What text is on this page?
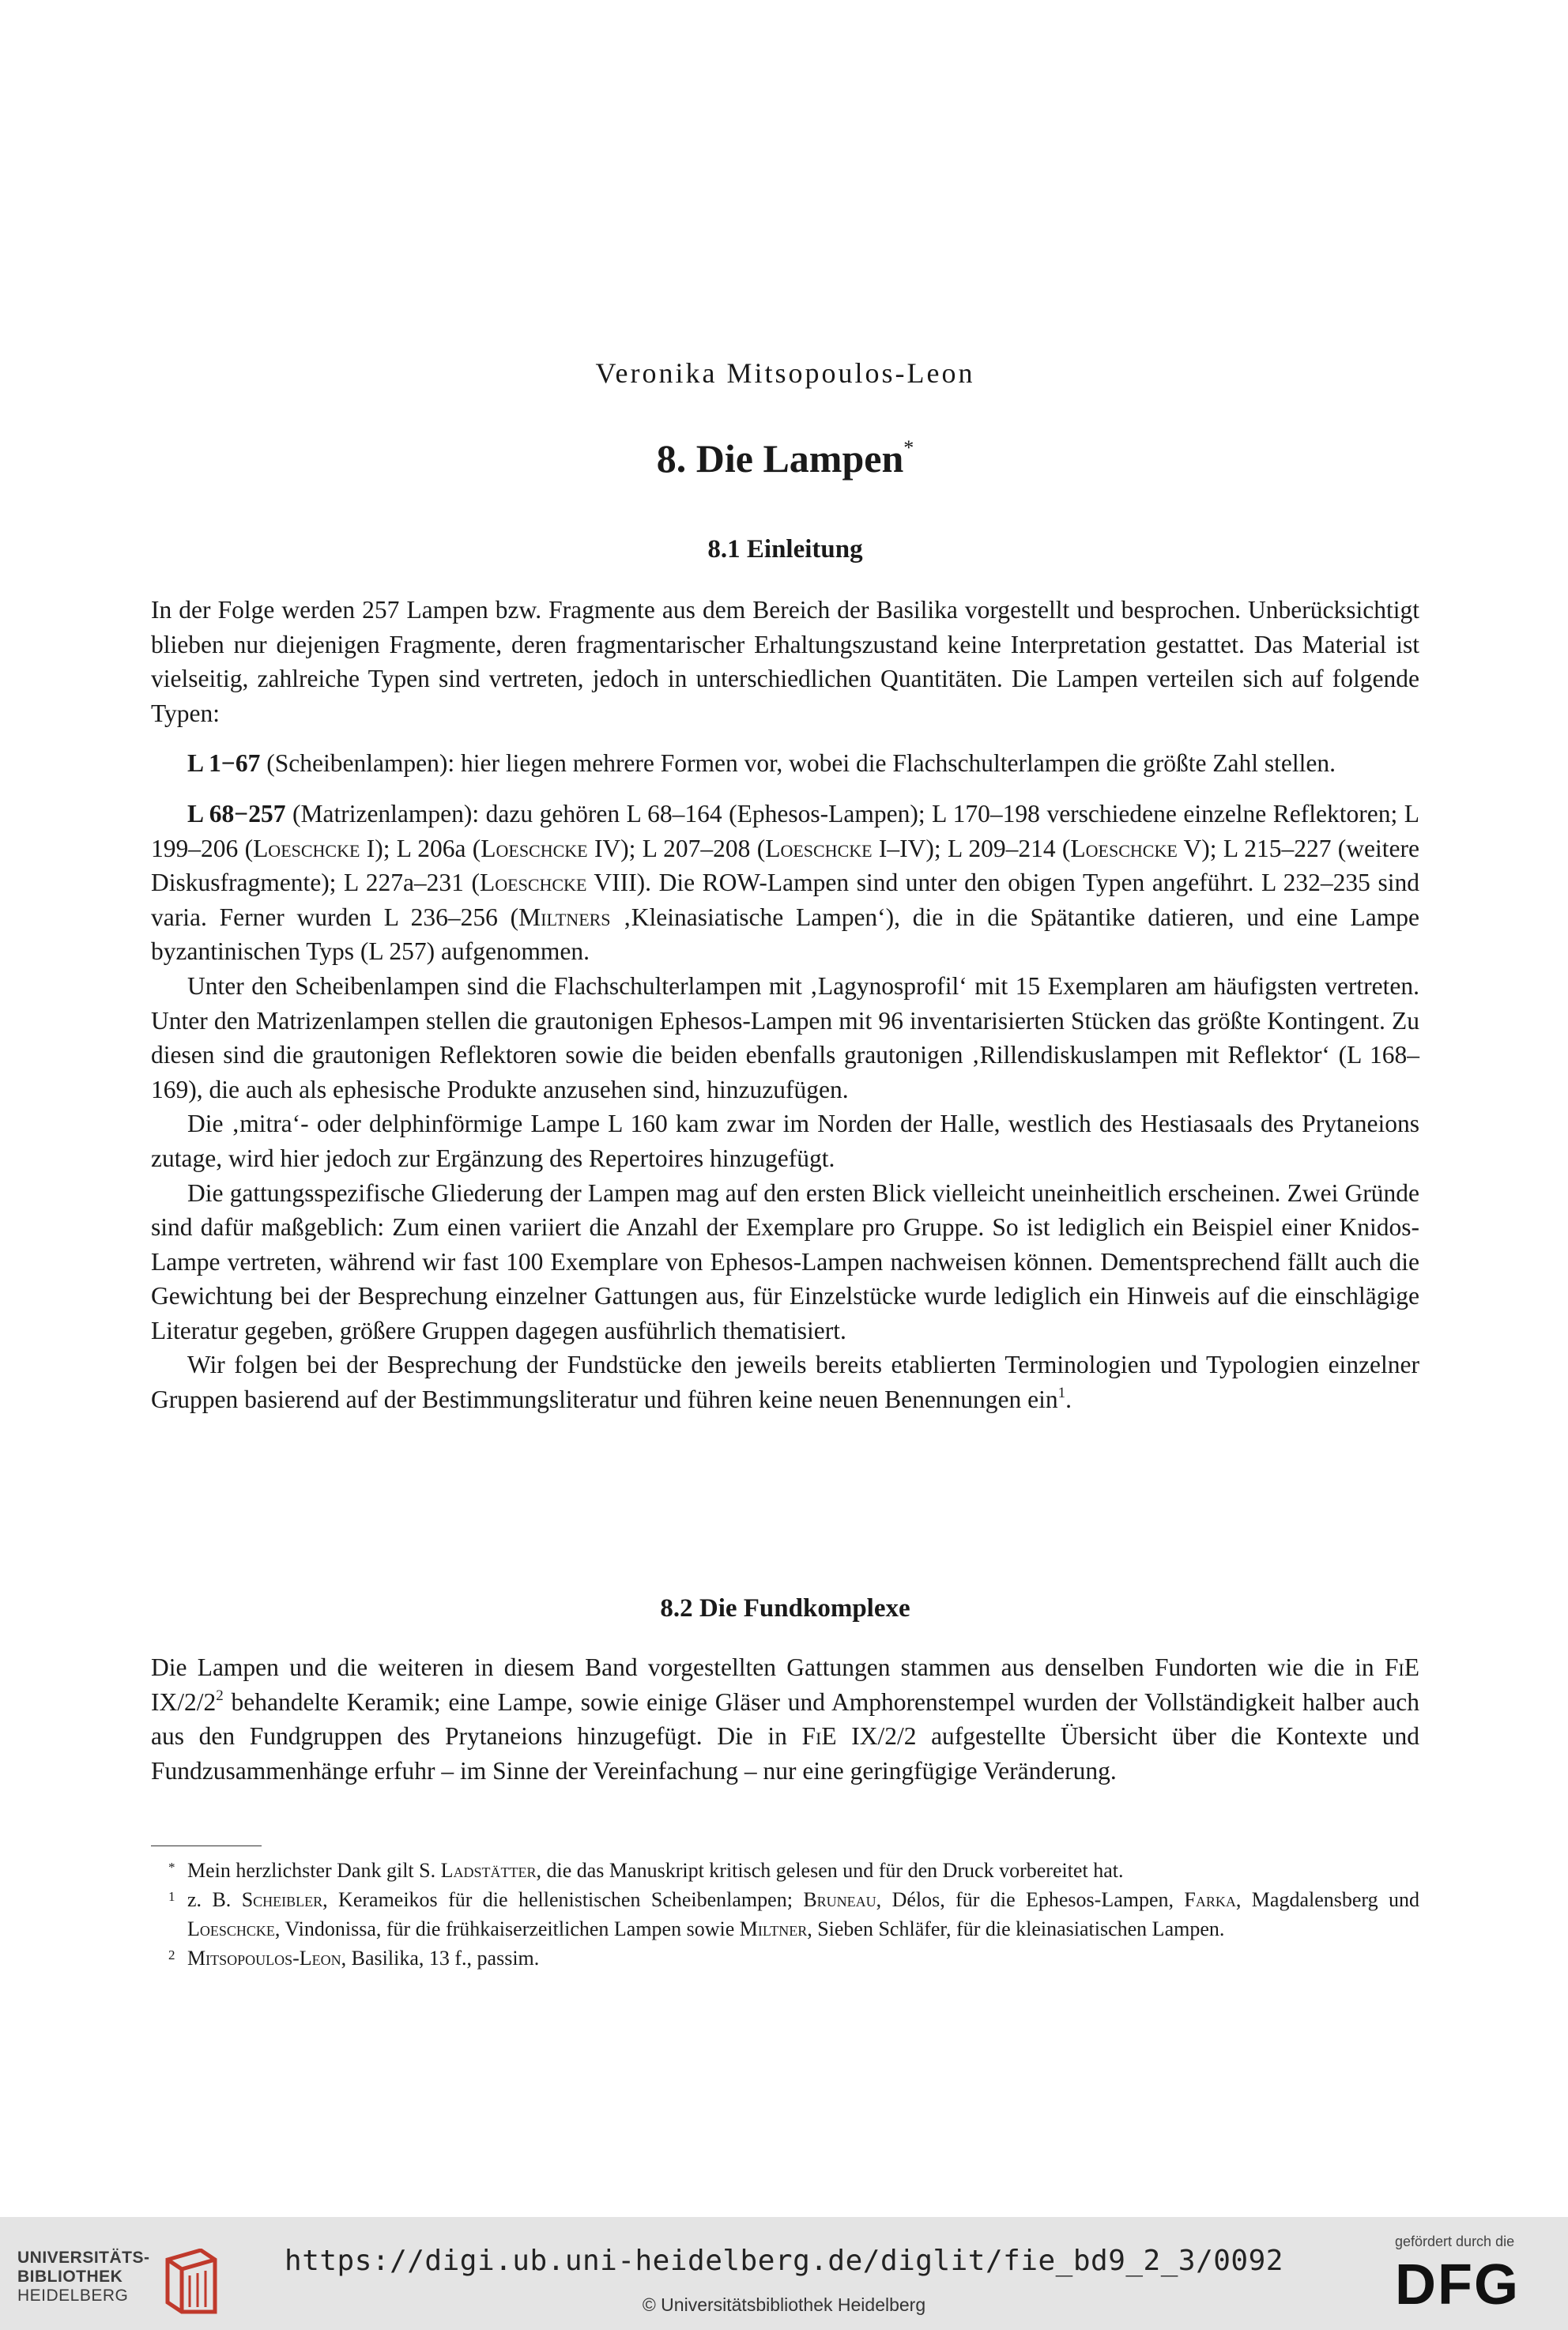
Veronika Mitsopoulos-Leon
8. Die Lampen*
8.1 Einleitung

In der Folge werden 257 Lampen bzw. Fragmente aus dem Bereich der Basilika vorgestellt und besprochen. Unberücksichtigt blieben nur diejenigen Fragmente, deren fragmentarischer Erhaltungszustand keine Interpretation gestattet. Das Material ist vielseitig, zahlreiche Typen sind vertreten, jedoch in unterschiedlichen Quantitäten. Die Lampen verteilen sich auf folgende Typen:

L 1−67 (Scheibenlampen): hier liegen mehrere Formen vor, wobei die Flachschulterlampen die größte Zahl stellen.

L 68−257 (Matrizenlampen): dazu gehören L 68–164 (Ephesos-Lampen); L 170–198 verschiedene einzelne Reflektoren; L 199–206 (Loeschcke I); L 206a (Loeschcke IV); L 207–208 (Loeschcke I–IV); L 209–214 (Loeschcke V); L 215–227 (weitere Diskusfragmente); L 227a–231 (Loeschcke VIII). Die ROW-Lampen sind unter den obigen Typen angeführt. L 232–235 sind varia. Ferner wurden L 236–256 (Miltners ‚Kleinasiatische Lampen‘), die in die Spätantike datieren, und eine Lampe byzantinischen Typs (L 257) aufgenommen.

Unter den Scheibenlampen sind die Flachschulterlampen mit ‚Lagynosprofil‘ mit 15 Exemplaren am häufigsten vertreten. Unter den Matrizenlampen stellen die grautonigen Ephesos-Lampen mit 96 inventarisierten Stücken das größte Kontingent. Zu diesen sind die grautonigen Reflektoren sowie die beiden ebenfalls grautonigen ‚Rillendiskuslampen mit Reflektor‘ (L 168–169), die auch als ephesische Produkte anzusehen sind, hinzuzufügen.

Die ‚mitra‘- oder delphinförmige Lampe L 160 kam zwar im Norden der Halle, westlich des Hestiasaals des Prytaneions zutage, wird hier jedoch zur Ergänzung des Repertoires hinzugefügt.

Die gattungsspezifische Gliederung der Lampen mag auf den ersten Blick vielleicht uneinheitlich erscheinen. Zwei Gründe sind dafür maßgeblich: Zum einen variiert die Anzahl der Exemplare pro Gruppe. So ist lediglich ein Beispiel einer Knidos-Lampe vertreten, während wir fast 100 Exemplare von Ephesos-Lampen nachweisen können. Dementsprechend fällt auch die Gewichtung bei der Besprechung einzelner Gattungen aus, für Einzelstücke wurde lediglich ein Hinweis auf die einschlägige Literatur gegeben, größere Gruppen dagegen ausführlich thematisiert.

Wir folgen bei der Besprechung der Fundstücke den jeweils bereits etablierten Terminologien und Typologien einzelner Gruppen basierend auf der Bestimmungsliteratur und führen keine neuen Benennungen ein$^1$.

8.2 Die Fundkomplexe

Die Lampen und die weiteren in diesem Band vorgestellten Gattungen stammen aus denselben Fundorten wie die in FiE IX/2/2$^2$ behandelte Keramik; eine Lampe, sowie einige Gläser und Amphorenstempel wurden der Vollständigkeit halber auch aus den Fundgruppen des Prytaneions hinzugefügt. Die in FiE IX/2/2 aufgestellte Übersicht über die Kontexte und Fundzusammenhänge erfuhr – im Sinne der Vereinfachung – nur eine geringfügige Veränderung.

* Mein herzlichster Dank gilt S. Ladstätter, die das Manuskript kritisch gelesen und für den Druck vorbereitet hat.
1 z. B. Scheibler, Kerameikos für die hellenistischen Scheibenlampen; Bruneau, Délos, für die Ephesos-Lampen, Farka, Magdalensberg und Loeschcke, Vindonissa, für die frühkaiserzeitlichen Lampen sowie Miltner, Sieben Schläfer, für die kleinasiatischen Lampen.
2 Mitsopoulos-Leon, Basilika, 13 f., passim.
UNIVERSITÄTS-
BIBLIOTHEK
HEIDELBERG
https://digi.ub.uni-heidelberg.de/diglit/fie_bd9_2_3/0092
© Universitätsbibliothek Heidelberg
gefördert durch die
DFG
